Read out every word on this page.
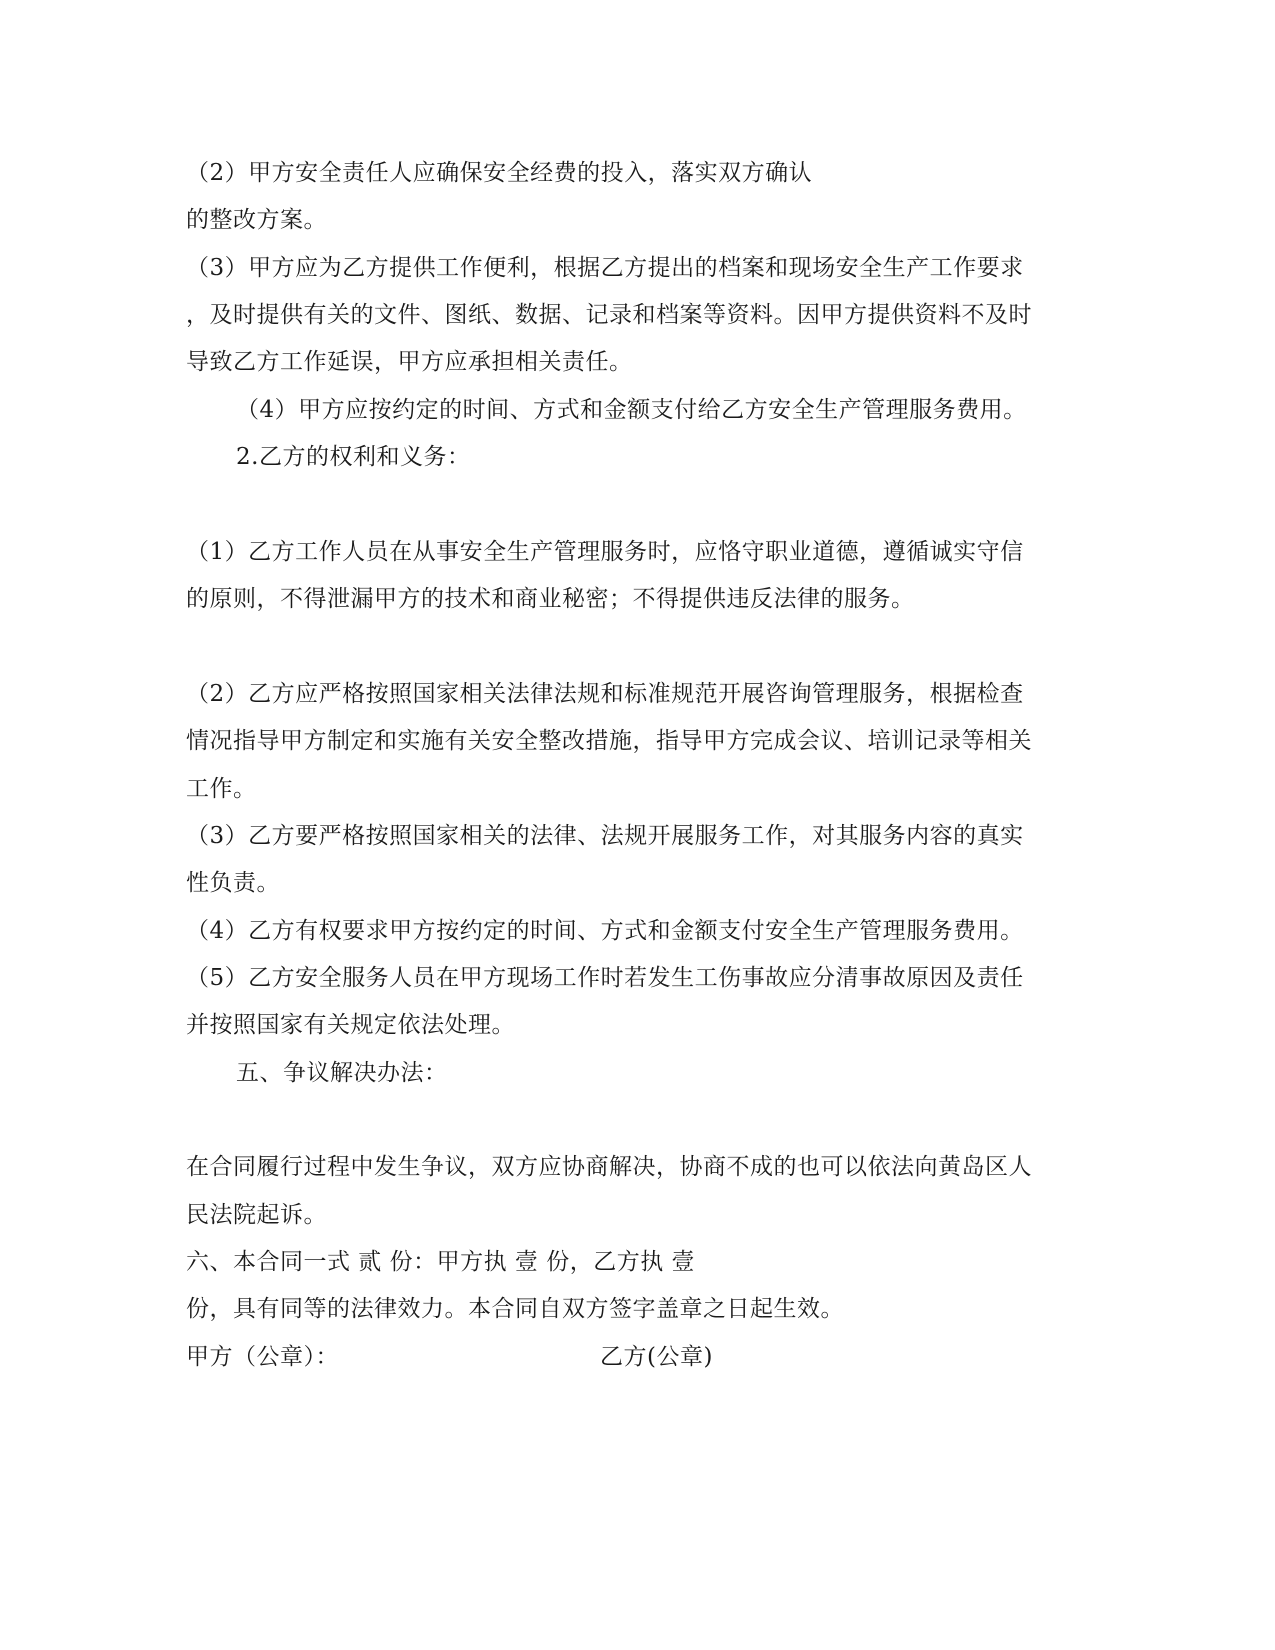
（2）甲方安全责任人应确保安全经费的投入，落实双方确认
的整改方案。
（3）甲方应为乙方提供工作便利，根据乙方提出的档案和现场安全生产工作要求
，及时提供有关的文件、图纸、数据、记录和档案等资料。因甲方提供资料不及时
导致乙方工作延误，甲方应承担相关责任。
（4）甲方应按约定的时间、方式和金额支付给乙方安全生产管理服务费用。
2.乙方的权利和义务：
（1）乙方工作人员在从事安全生产管理服务时，应恪守职业道德，遵循诚实守信
的原则，不得泄漏甲方的技术和商业秘密；不得提供违反法律的服务。
（2）乙方应严格按照国家相关法律法规和标准规范开展咨询管理服务，根据检查
情况指导甲方制定和实施有关安全整改措施，指导甲方完成会议、培训记录等相关
工作。
（3）乙方要严格按照国家相关的法律、法规开展服务工作，对其服务内容的真实
性负责。
（4）乙方有权要求甲方按约定的时间、方式和金额支付安全生产管理服务费用。
（5）乙方安全服务人员在甲方现场工作时若发生工伤事故应分清事故原因及责任
并按照国家有关规定依法处理。
五、争议解决办法：
在合同履行过程中发生争议，双方应协商解决，协商不成的也可以依法向黄岛区人
民法院起诉。
六、本合同一式 贰 份：甲方执 壹 份，乙方执 壹
份，具有同等的法律效力。本合同自双方签字盖章之日起生效。
甲方（公章）：	乙方(公章)
